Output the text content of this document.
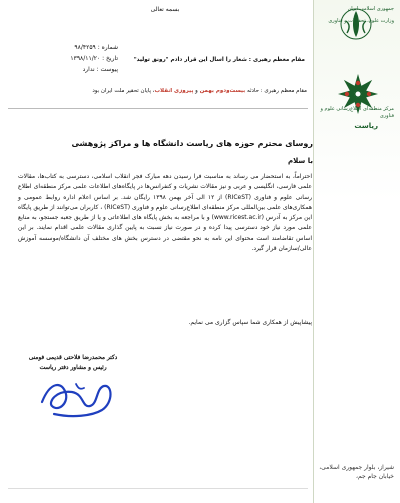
جمهوری اسلامی ایران
وزارت علوم، تحقیقات و فناوری
مرکز منطقه‌ای اطلاع‌رسانی علوم و فناوری
ریاست
شیراز، بلوار جمهوری اسلامی، خیابان جام جم،
بسمه تعالی
شماره : ۹۸/۴۲۵۹
تاریخ : ۱۳۹۸/۱۱/۲۰
پیوست : ندارد
مقام معظم رهبری : شعار را اسال این قرار دادم "رونق تولید"
مقام معظم رهبری : حادثه بیست‌ودوم بهمن و پیروزی انقلاب، پایان تحقیر ملت ایران بود
روسای محترم حوزه های ریاست دانشگاه ها و مراکز پژوهشی
با سلام
احتراماً، به استحضار می رساند به مناسبت فرا رسیدن دهه مبارک فجر انقلاب اسلامی، دسترسی به کتاب‌ها، مقالات علمی فارسی، انگلیسی و عربی و نیز مقالات نشریات و کنفرانس‌ها در پایگاه‌های اطلاعات علمی مرکز منطقه‌ای اطلاع رسانی علوم و فناوری (RICeST) از ۱۲ الی آخر بهمن ۱۳۹۸ رایگان شد. بر اساس اعلام اداره روابط عمومی و همکاری‌های علمی بین‌المللی مرکز منطقه‌ای اطلاع‌رسانی علوم و فناوری (RICeST) ، کاربران می‌توانند از طریق پایگاه این مرکز به آدرس (www.ricest.ac.ir) و با مراجعه به بخش پایگاه های اطلاعاتی و یا از طریق جعبه جستجو، به منابع علمی مورد نیاز خود دسترسی پیدا کرده و در صورت نیاز نسبت به پایین گذاری مقالات علمی اقدام نمایند. بر این اساس تقاضامند است محتوای این نامه به نحو مقتضی در دسترس بخش های مختلف آن دانشگاه/موسسه آموزش عالی/سازمان قرار گیرد.
پیشاپیش از همکاری شما سپاس گزاری می نمایم.
دکتر محمدرضا فلاحتی قدیمی فومنی
رئیس و مشاور دفتر ریاست
